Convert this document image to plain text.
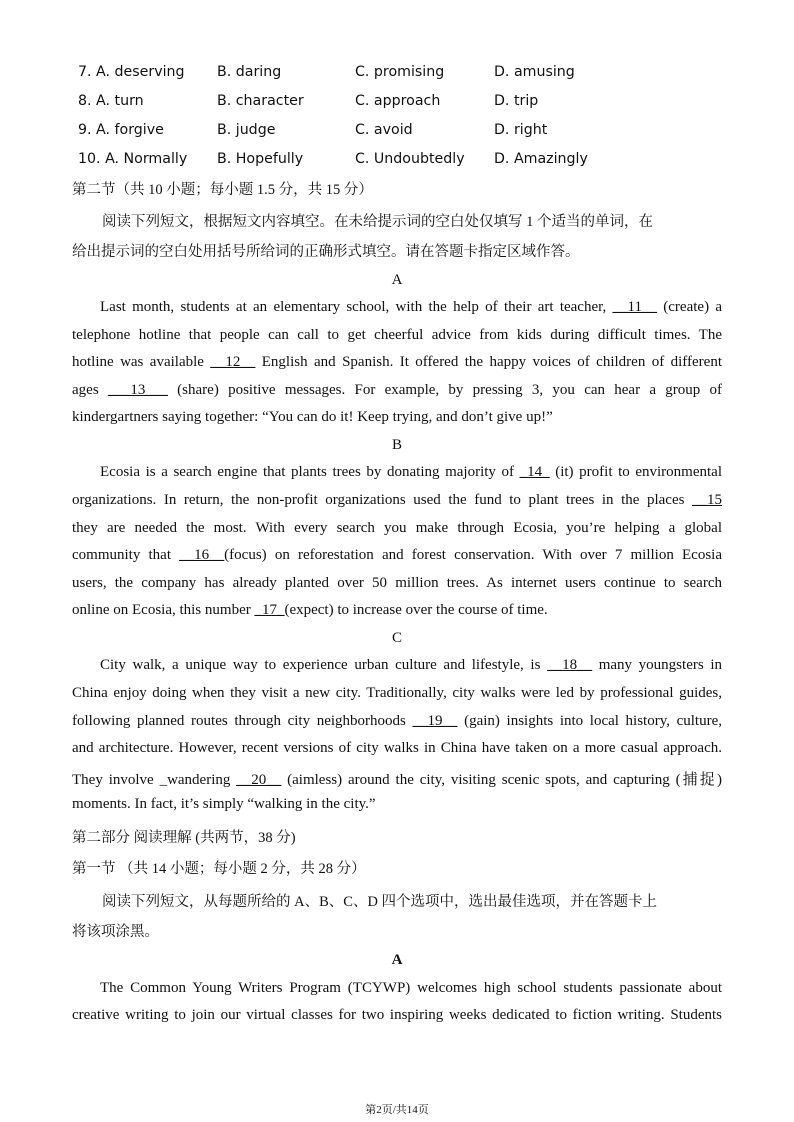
7. A. deserving B. daring	C. promising	D. amusing
8. A. turn	B. character	C. approach	D. trip
9. A. forgive	B. judge	C. avoid	D. right
10. A. Normally B. Hopefully	C. Undoubtedly D. Amazingly
第二节（共 10 小题；每小题 1.5 分，共 15 分）
阅读下列短文，根据短文内容填空。在未给提示词的空白处仅填写 1 个适当的单词，在
给出提示词的空白处用括号所给词的正确形式填空。请在答题卡指定区域作答。
A
Last month, students at an elementary school, with the help of their art teacher, __11__ (create) a
telephone hotline that people can call to get cheerful advice from kids during difficult times. The
hotline was available __12__ English and Spanish. It offered the happy voices of children of different
ages ___13___ (share) positive messages. For example, by pressing 3, you can hear a group of
kindergartners saying together: “You can do it! Keep trying, and don’t give up!”
B
Ecosia is a search engine that plants trees by donating majority of _14_ (it) profit to environmental
organizations. In return, the non-profit organizations used the fund to plant trees in the places __15
they are needed the most. With every search you make through Ecosia, you’re helping a global
community that __16__(focus) on reforestation and forest conservation. With over 7 million Ecosia
users, the company has already planted over 50 million trees. As internet users continue to search
online on Ecosia, this number _17_(expect) to increase over the course of time.
C
City walk, a unique way to experience urban culture and lifestyle, is __18__ many youngsters in
China enjoy doing when they visit a new city. Traditionally, city walks were led by professional guides,
following planned routes through city neighborhoods __19__ (gain) insights into local history, culture,
and architecture. However, recent versions of city walks in China have taken on a more casual approach.
They involve _wandering __20__ (aimless) around the city, visiting scenic spots, and capturing (捕捉)
moments. In fact, it’s simply “walking in the city.”
第二部分 阅读理解 (共两节，38 分)
第一节 （共 14 小题；每小题 2 分，共 28 分）
阅读下列短文，从每题所给的 A、B、C、D 四个选项中，选出最佳选项，并在答题卡上
将该项涂黑。
A
The Common Young Writers Program (TCYWP) welcomes high school students passionate about
creative writing to join our virtual classes for two inspiring weeks dedicated to fiction writing. Students
第2页/共14页
